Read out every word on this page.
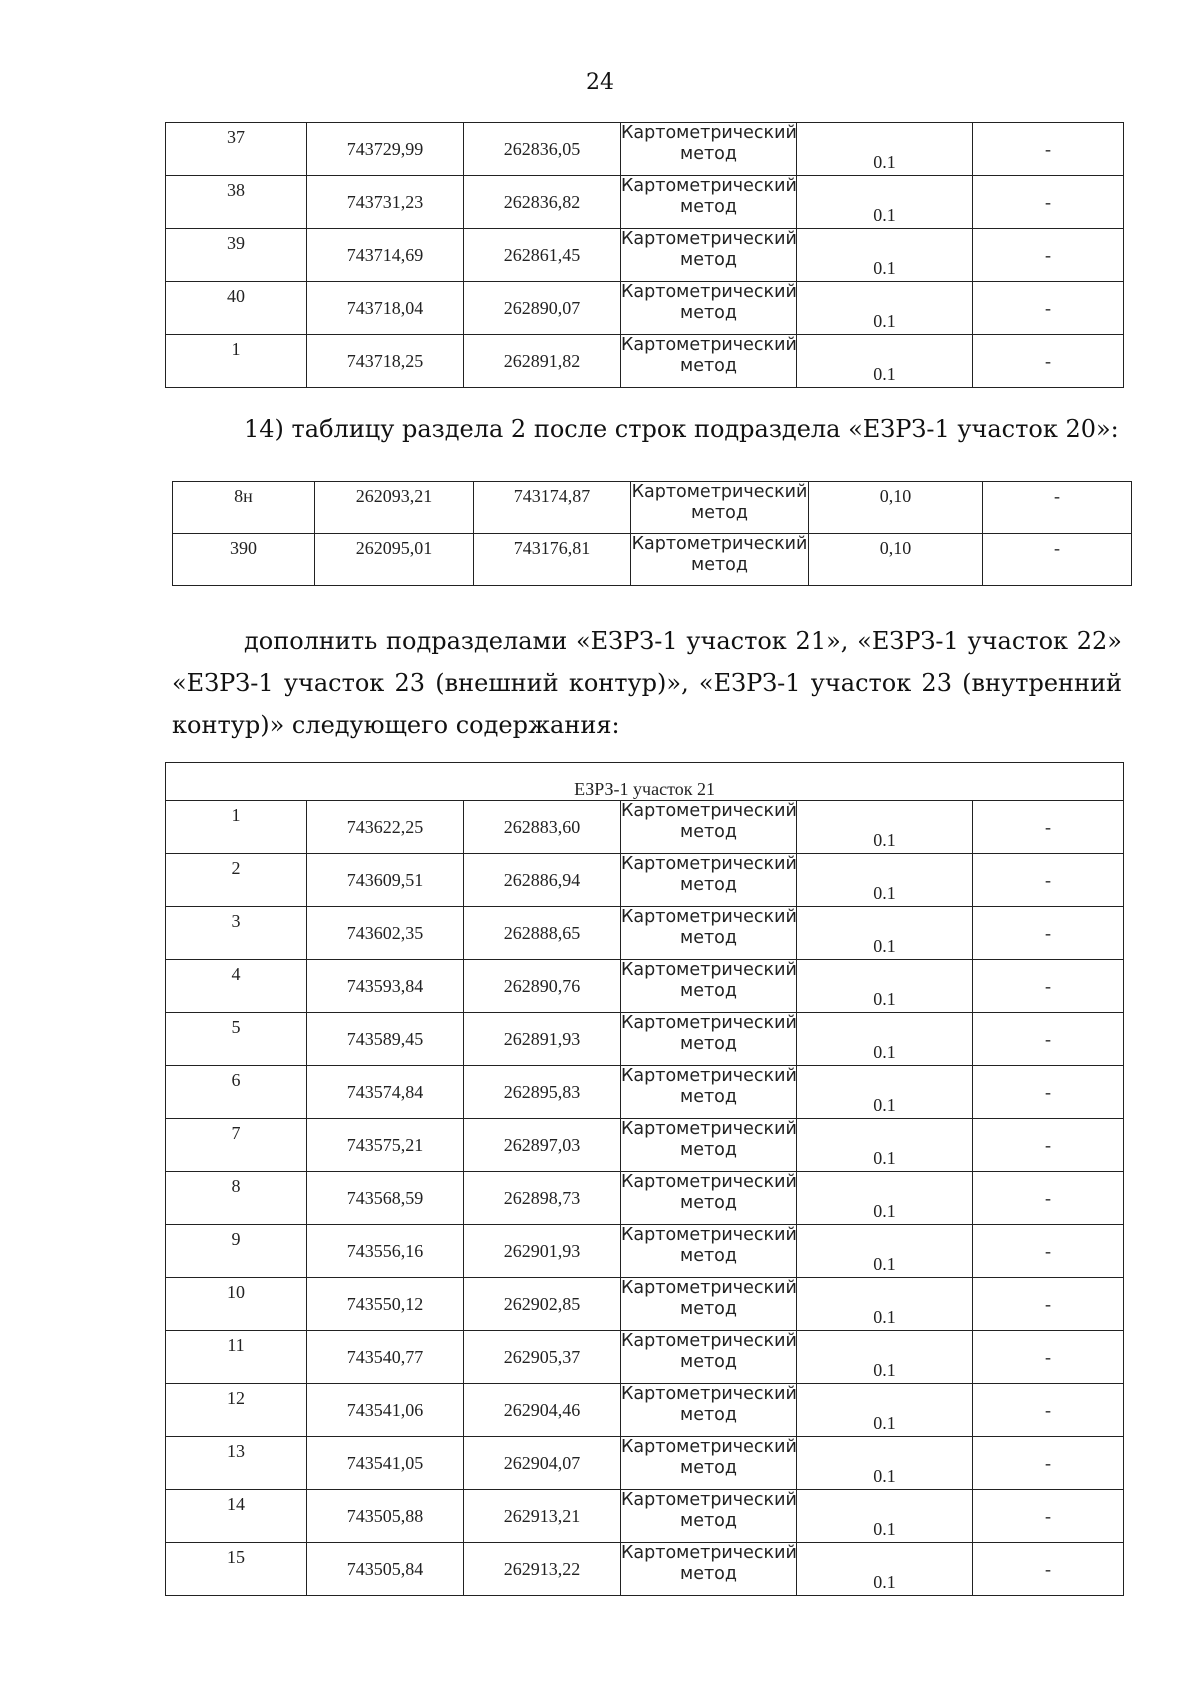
24
37	743729,99	262836,05	Картометрический метод	0.1	-
38	743731,23	262836,82	Картометрический метод	0.1	-
39	743714,69	262861,45	Картометрический метод	0.1	-
40	743718,04	262890,07	Картометрический метод	0.1	-
1	743718,25	262891,82	Картометрический метод	0.1	-
14) таблицу раздела 2 после строк подраздела «ЕЗРЗ-1 участок 20»:
8н	262093,21	743174,87	Картометрический метод	0,10	-
390	262095,01	743176,81	Картометрический метод	0,10	-
дополнить подразделами «ЕЗРЗ-1 участок 21», «ЕЗРЗ-1 участок 22» «ЕЗРЗ-1 участок 23 (внешний контур)», «ЕЗРЗ-1 участок 23 (внутренний контур)» следующего содержания:
ЕЗРЗ-1 участок 21					
1	743622,25	262883,60	Картометрический метод	0.1	-
2	743609,51	262886,94	Картометрический метод	0.1	-
3	743602,35	262888,65	Картометрический метод	0.1	-
4	743593,84	262890,76	Картометрический метод	0.1	-
5	743589,45	262891,93	Картометрический метод	0.1	-
6	743574,84	262895,83	Картометрический метод	0.1	-
7	743575,21	262897,03	Картометрический метод	0.1	-
8	743568,59	262898,73	Картометрический метод	0.1	-
9	743556,16	262901,93	Картометрический метод	0.1	-
10	743550,12	262902,85	Картометрический метод	0.1	-
11	743540,77	262905,37	Картометрический метод	0.1	-
12	743541,06	262904,46	Картометрический метод	0.1	-
13	743541,05	262904,07	Картометрический метод	0.1	-
14	743505,88	262913,21	Картометрический метод	0.1	-
15	743505,84	262913,22	Картометрический метод	0.1	-
